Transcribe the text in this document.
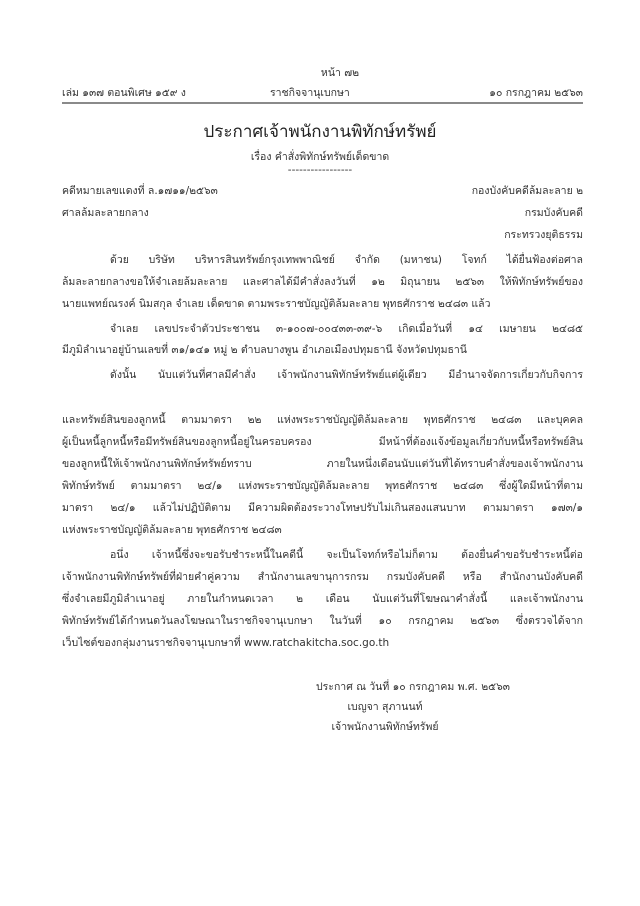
หน้า ๗๒
เล่ม ๑๓๗ ตอนพิเศษ ๑๕๙ ง	ราชกิจจานุเบกษา	๑๐ กรกฎาคม ๒๕๖๓
ประกาศเจ้าพนักงานพิทักษ์ทรัพย์
เรื่อง คำสั่งพิทักษ์ทรัพย์เด็ดขาด
-----------------
คดีหมายเลขแดงที่ ล.๑๗๑๑/๒๕๖๓
ศาลล้มละลายกลาง
กองบังคับคดีล้มละลาย ๒
กรมบังคับคดี
กระทรวงยุติธรรม
ด้วย บริษัท บริหารสินทรัพย์กรุงเทพพาณิชย์ จำกัด (มหาชน) โจทก์ ได้ยื่นฟ้องต่อศาล
ล้มละลายกลางขอให้จำเลยล้มละลาย และศาลได้มีคำสั่งลงวันที่ ๑๒ มิถุนายน ๒๕๖๓ ให้พิทักษ์ทรัพย์ของ
นายแพทย์ณรงค์ นิมสกุล จำเลย เด็ดขาด ตามพระราชบัญญัติล้มละลาย พุทธศักราช ๒๔๘๓ แล้ว
จำเลย เลขประจำตัวประชาชน ๓-๑๐๐๗-๐๐๔๓๓-๓๙-๖ เกิดเมื่อวันที่ ๑๔ เมษายน ๒๔๘๕
มีภูมิลำเนาอยู่บ้านเลขที่ ๓๑/๑๔๑ หมู่ ๒ ตำบลบางพูน อำเภอเมืองปทุมธานี จังหวัดปทุมธานี
ดังนั้น นับแต่วันที่ศาลมีคำสั่ง เจ้าพนักงานพิทักษ์ทรัพย์แต่ผู้เดียว มีอำนาจจัดการเกี่ยวกับกิจการ
และทรัพย์สินของลูกหนี้ ตามมาตรา ๒๒ แห่งพระราชบัญญัติล้มละลาย พุทธศักราช ๒๔๘๓ และบุคคล
ผู้เป็นหนี้ลูกหนี้หรือมีทรัพย์สินของลูกหนี้อยู่ในครอบครอง มีหน้าที่ต้องแจ้งข้อมูลเกี่ยวกับหนี้หรือทรัพย์สิน
ของลูกหนี้ให้เจ้าพนักงานพิทักษ์ทรัพย์ทราบ ภายในหนึ่งเดือนนับแต่วันที่ได้ทราบคำสั่งของเจ้าพนักงาน
พิทักษ์ทรัพย์ ตามมาตรา ๒๔/๑ แห่งพระราชบัญญัติล้มละลาย พุทธศักราช ๒๔๘๓ ซึ่งผู้ใดมีหน้าที่ตาม
มาตรา ๒๔/๑ แล้วไม่ปฏิบัติตาม มีความผิดต้องระวางโทษปรับไม่เกินสองแสนบาท ตามมาตรา ๑๗๓/๑
แห่งพระราชบัญญัติล้มละลาย พุทธศักราช ๒๔๘๓
อนึ่ง เจ้าหนี้ซึ่งจะขอรับชำระหนี้ในคดีนี้ จะเป็นโจทก์หรือไม่ก็ตาม ต้องยื่นคำขอรับชำระหนี้ต่อ
เจ้าพนักงานพิทักษ์ทรัพย์ที่ฝ่ายคำคู่ความ สำนักงานเลขานุการกรม กรมบังคับคดี หรือ สำนักงานบังคับคดี
ซึ่งจำเลยมีภูมิลำเนาอยู่ ภายในกำหนดเวลา ๒ เดือน นับแต่วันที่โฆษณาคำสั่งนี้ และเจ้าพนักงาน
พิทักษ์ทรัพย์ได้กำหนดวันลงโฆษณาในราชกิจจานุเบกษา ในวันที่ ๑๐ กรกฎาคม ๒๕๖๓ ซึ่งตรวจได้จาก
เว็บไซต์ของกลุ่มงานราชกิจจานุเบกษาที่ www.ratchakitcha.soc.go.th
ประกาศ ณ วันที่ ๑๐ กรกฎาคม พ.ศ. ๒๕๖๓
เบญจา สุภานนท์
เจ้าพนักงานพิทักษ์ทรัพย์
